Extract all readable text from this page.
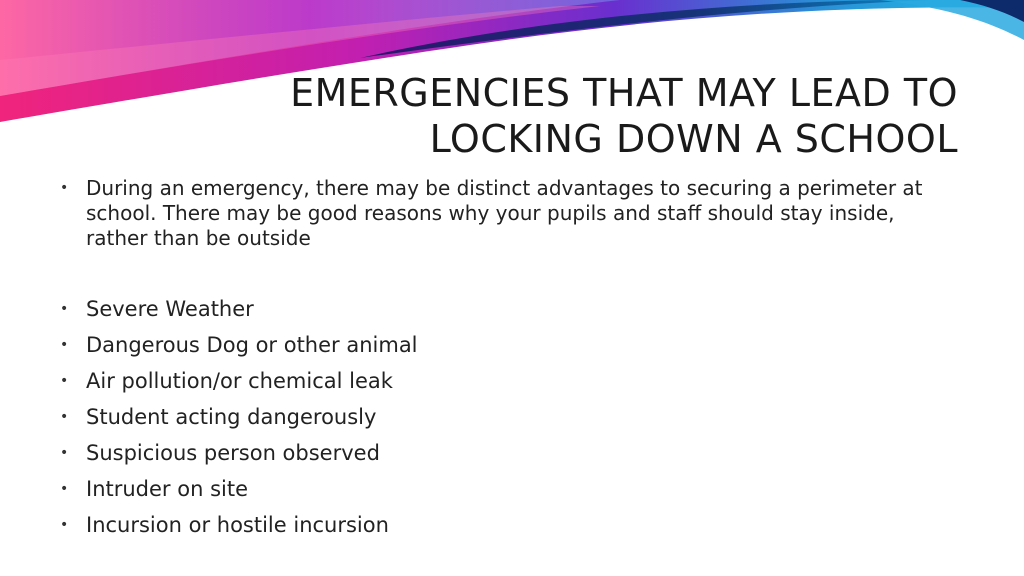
EMERGENCIES THAT MAY LEAD TO
LOCKING DOWN A SCHOOL
• During an emergency, there may be distinct advantages to securing a perimeter at school. There may be good reasons why your pupils and staff should stay inside, rather than be outside
• Severe Weather
• Dangerous Dog or other animal
• Air pollution/or chemical leak
• Student acting dangerously
• Suspicious person observed
• Intruder on site
• Incursion or hostile incursion
